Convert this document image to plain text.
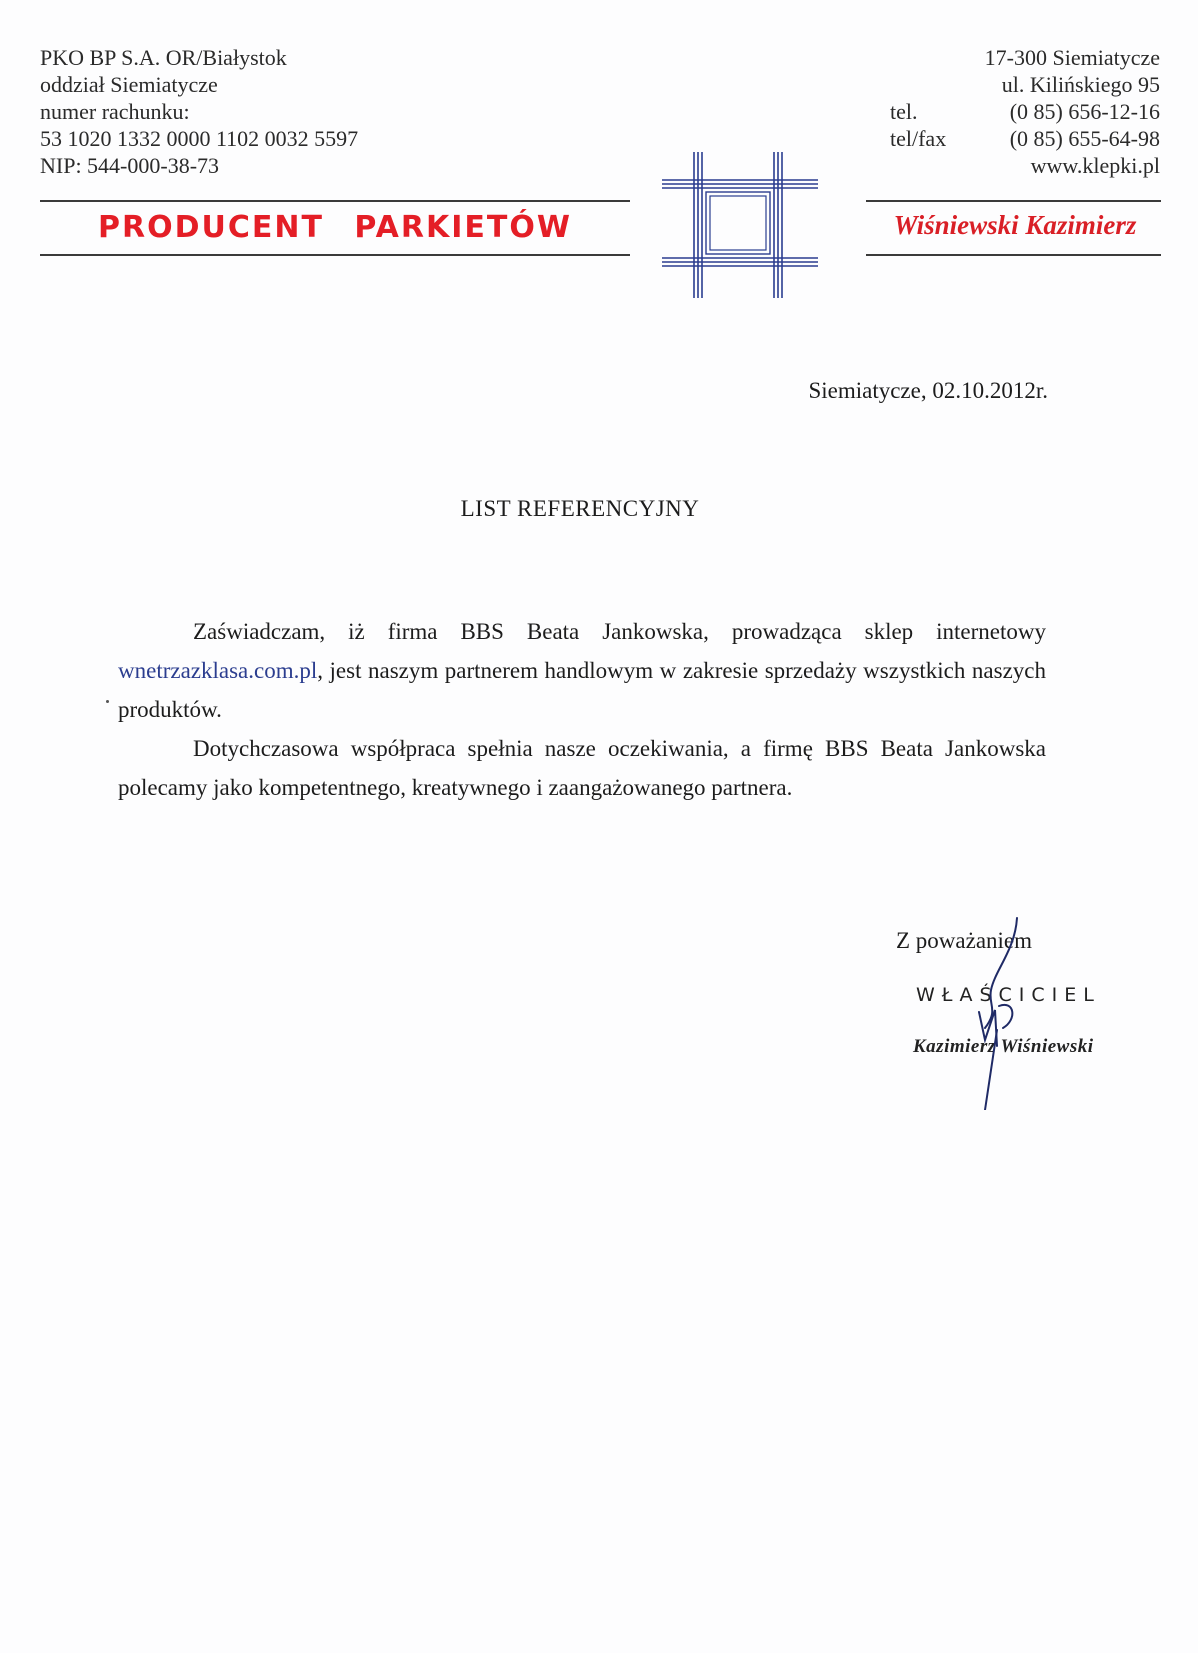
PKO BP S.A. OR/Białystok
oddział Siemiatycze
numer rachunku:
53 1020 1332 0000 1102 0032 5597
NIP: 544-000-38-73
17-300 Siemiatycze
ul. Kilińskiego 95
tel.	(0 85) 656-12-16
tel/fax	(0 85) 655-64-98
www.klepki.pl
PRODUCENT PARKIETÓW	Wiśniewski Kazimierz
Siemiatycze, 02.10.2012r.
LIST REFERENCYJNY

Zaświadczam, iż firma BBS Beata Jankowska, prowadząca sklep internetowy wnetrzazklasa.com.pl, jest naszym partnerem handlowym w zakresie sprzedaży wszystkich naszych produktów.

Dotychczasowa współpraca spełnia nasze oczekiwania, a firmę BBS Beata Jankowska polecamy jako kompetentnego, kreatywnego i zaangażowanego partnera.

Z poważaniem
WŁAŚCICIEL
Kazimierz Wiśniewski
